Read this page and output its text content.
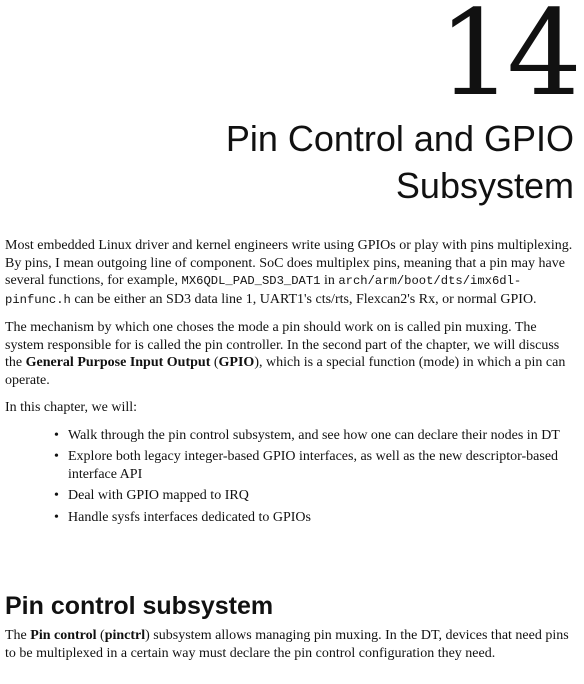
14
Pin Control and GPIO Subsystem

Most embedded Linux driver and kernel engineers write using GPIOs or play with pins multiplexing. By pins, I mean outgoing line of component. SoC does multiplex pins, meaning that a pin may have several functions, for example, MX6QDL_PAD_SD3_DAT1 in arch/arm/boot/dts/imx6dl-pinfunc.h can be either an SD3 data line 1, UART1's cts/rts, Flexcan2's Rx, or normal GPIO.

The mechanism by which one choses the mode a pin should work on is called pin muxing. The system responsible for is called the pin controller. In the second part of the chapter, we will discuss the General Purpose Input Output (GPIO), which is a special function (mode) in which a pin can operate.

In this chapter, we will:

• Walk through the pin control subsystem, and see how one can declare their nodes in DT
• Explore both legacy integer-based GPIO interfaces, as well as the new descriptor-based interface API
• Deal with GPIO mapped to IRQ
• Handle sysfs interfaces dedicated to GPIOs
Pin control subsystem

The Pin control (pinctrl) subsystem allows managing pin muxing. In the DT, devices that need pins to be multiplexed in a certain way must declare the pin control configuration they need.
